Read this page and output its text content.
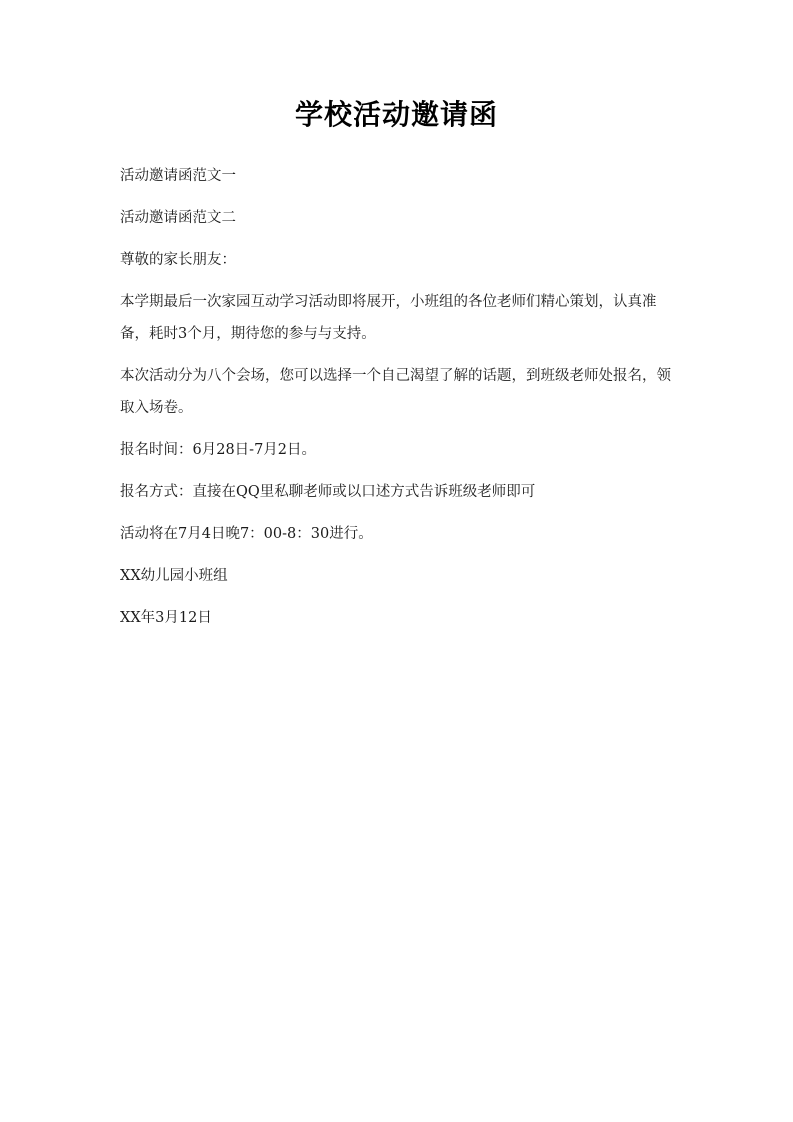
学校活动邀请函

活动邀请函范文一

活动邀请函范文二

尊敬的家长朋友：

本学期最后一次家园互动学习活动即将展开，小班组的各位老师们精心策划，认真准备，耗时3个月，期待您的参与与支持。

本次活动分为八个会场，您可以选择一个自己渴望了解的话题，到班级老师处报名，领取入场卷。

报名时间：6月28日-7月2日。

报名方式：直接在QQ里私聊老师或以口述方式告诉班级老师即可

活动将在7月4日晚7：00-8：30进行。

XX幼儿园小班组

XX年3月12日
